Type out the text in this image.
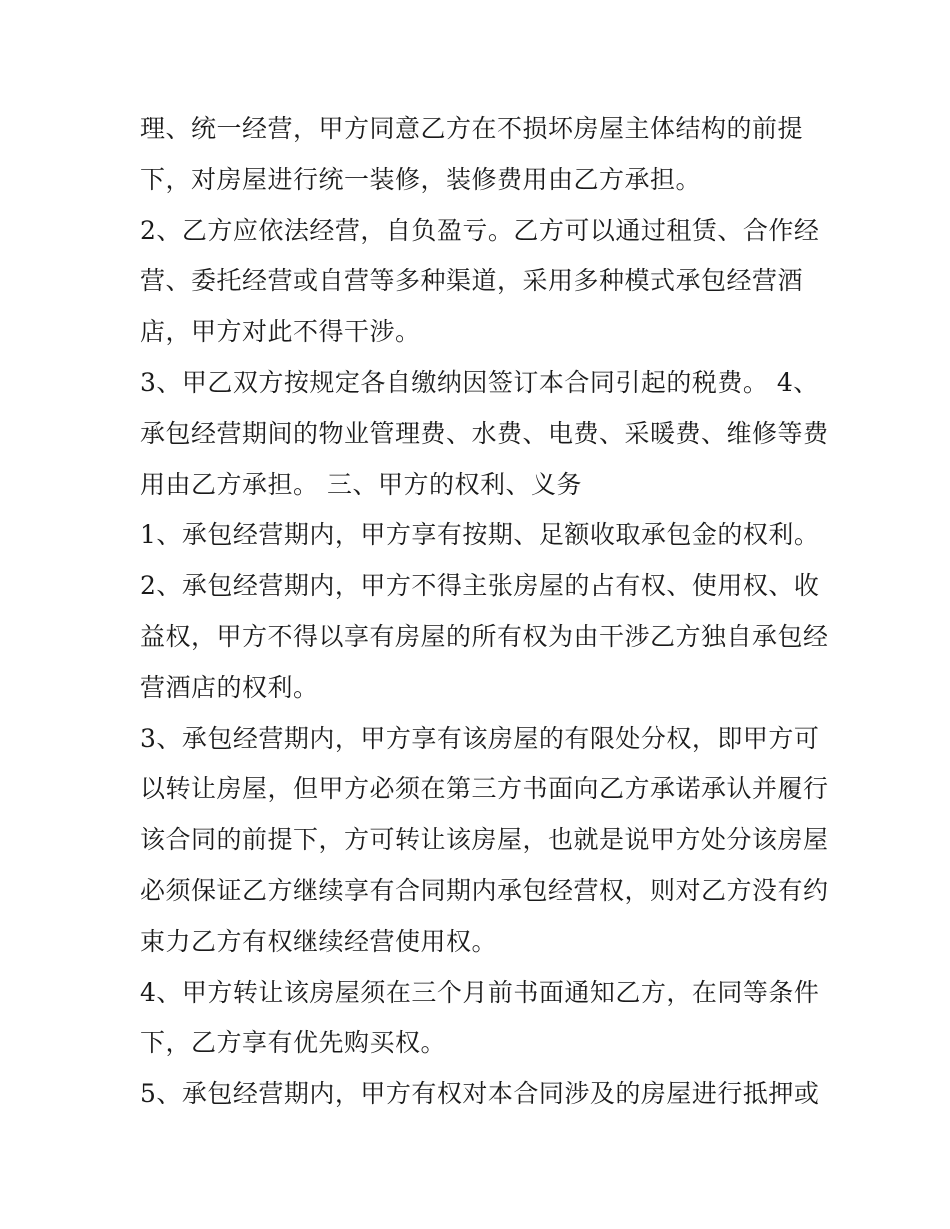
理、统一经营，甲方同意乙方在不损坏房屋主体结构的前提
下，对房屋进行统一装修，装修费用由乙方承担。
2、乙方应依法经营，自负盈亏。乙方可以通过租赁、合作经
营、委托经营或自营等多种渠道，采用多种模式承包经营酒
店，甲方对此不得干涉。
3、甲乙双方按规定各自缴纳因签订本合同引起的税费。 4、
承包经营期间的物业管理费、水费、电费、采暖费、维修等费
用由乙方承担。 三、甲方的权利、义务
1、承包经营期内，甲方享有按期、足额收取承包金的权利。
2、承包经营期内，甲方不得主张房屋的占有权、使用权、收
益权，甲方不得以享有房屋的所有权为由干涉乙方独自承包经
营酒店的权利。
3、承包经营期内，甲方享有该房屋的有限处分权，即甲方可
以转让房屋，但甲方必须在第三方书面向乙方承诺承认并履行
该合同的前提下，方可转让该房屋，也就是说甲方处分该房屋
必须保证乙方继续享有合同期内承包经营权，则对乙方没有约
束力乙方有权继续经营使用权。
4、甲方转让该房屋须在三个月前书面通知乙方，在同等条件
下，乙方享有优先购买权。
5、承包经营期内，甲方有权对本合同涉及的房屋进行抵押或
